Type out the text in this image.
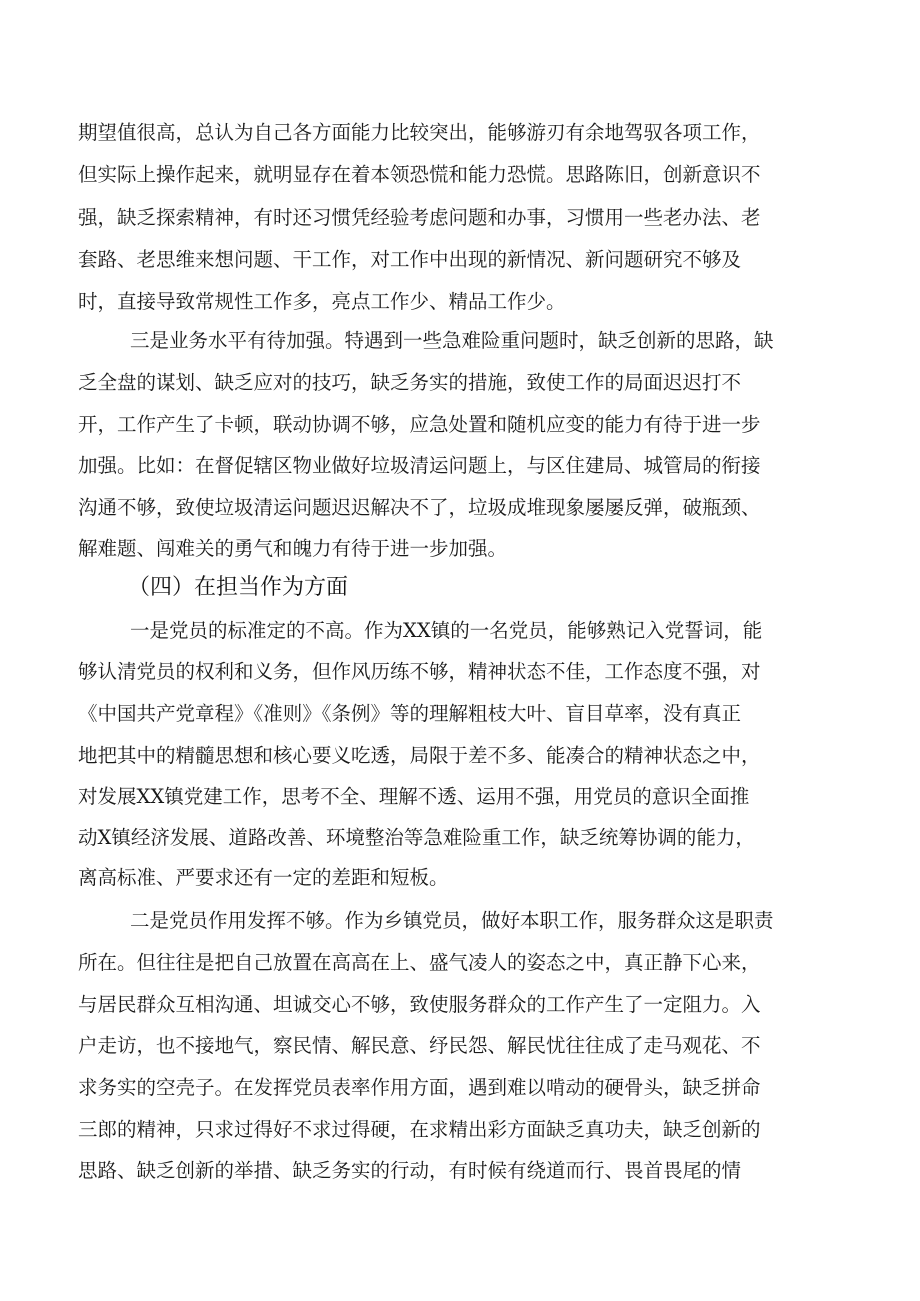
期望值很高，总认为自己各方面能力比较突出，能够游刃有余地驾驭各项工作，
但实际上操作起来，就明显存在着本领恐慌和能力恐慌。思路陈旧，创新意识不
强，缺乏探索精神，有时还习惯凭经验考虑问题和办事，习惯用一些老办法、老
套路、老思维来想问题、干工作，对工作中出现的新情况、新问题研究不够及
时，直接导致常规性工作多，亮点工作少、精品工作少。
三是业务水平有待加强。特遇到一些急难险重问题时，缺乏创新的思路，缺
乏全盘的谋划、缺乏应对的技巧，缺乏务实的措施，致使工作的局面迟迟打不
开，工作产生了卡顿，联动协调不够，应急处置和随机应变的能力有待于进一步
加强。比如：在督促辖区物业做好垃圾清运问题上，与区住建局、城管局的衔接
沟通不够，致使垃圾清运问题迟迟解决不了，垃圾成堆现象屡屡反弹，破瓶颈、
解难题、闯难关的勇气和魄力有待于进一步加强。
（四）在担当作为方面
一是党员的标准定的不高。作为XX镇的一名党员，能够熟记入党誓词，能
够认清党员的权利和义务，但作风历练不够，精神状态不佳，工作态度不强，对
《中国共产党章程》《准则》《条例》等的理解粗枝大叶、盲目草率，没有真正
地把其中的精髓思想和核心要义吃透，局限于差不多、能凑合的精神状态之中，
对发展XX镇党建工作，思考不全、理解不透、运用不强，用党员的意识全面推
动X镇经济发展、道路改善、环境整治等急难险重工作，缺乏统筹协调的能力，
离高标准、严要求还有一定的差距和短板。
二是党员作用发挥不够。作为乡镇党员，做好本职工作，服务群众这是职责
所在。但往往是把自己放置在高高在上、盛气凌人的姿态之中，真正静下心来，
与居民群众互相沟通、坦诚交心不够，致使服务群众的工作产生了一定阻力。入
户走访，也不接地气，察民情、解民意、纾民怨、解民忧往往成了走马观花、不
求务实的空壳子。在发挥党员表率作用方面，遇到难以啃动的硬骨头，缺乏拼命
三郎的精神，只求过得好不求过得硬，在求精出彩方面缺乏真功夫，缺乏创新的
思路、缺乏创新的举措、缺乏务实的行动，有时候有绕道而行、畏首畏尾的情
